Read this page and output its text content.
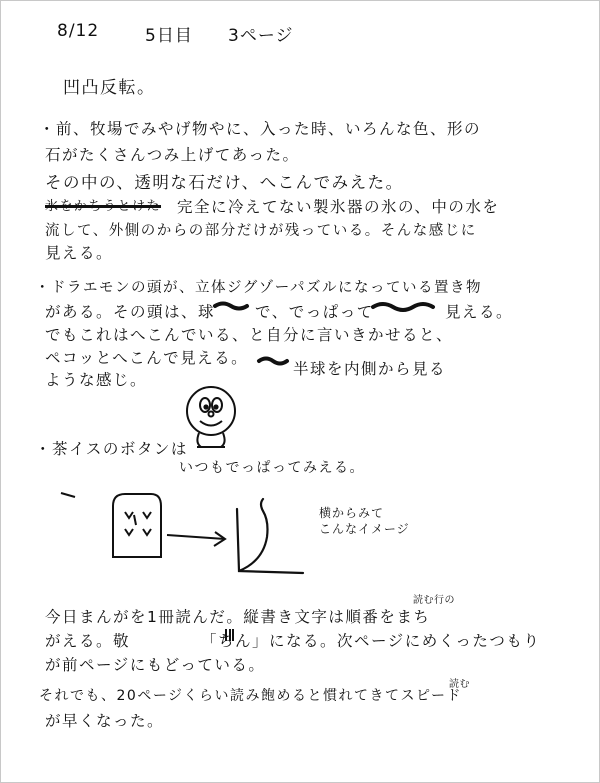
8/12	5日目 3ページ
凹凸反転。
・前、牧場でみやげ物やに、入った時、いろんな色、形の
石がたくさんつみ上げてあった。
その中の、透明な石だけ、へこんでみえた。
氷をかちうとけた 完全に冷えてない製氷器の氷の、中の水を
流して、外側のからの部分だけが残っている。そんな感じに
見える。
・ドラエモンの頭が、立体ジグゾーパズルになっている置き物
がある。その頭は、球	で、でっぱって	見える。
でもこれはへこんでいる、と自分に言いきかせると、
ペコッとへこんで見える。
ような感じ。
半球を内側から見る
・茶イスのボタンは
いつもでっぱってみえる。
横からみて
こんなイメージ
読む行の
今日まんがを1冊読んだ。縦書き文字は順番をまち
がえる。敬	「ちん」になる。次ページにめくったつもり
が前ページにもどっている。
読む
それでも、20ページくらい読み飽めると慣れてきてスピード
が早くなった。
